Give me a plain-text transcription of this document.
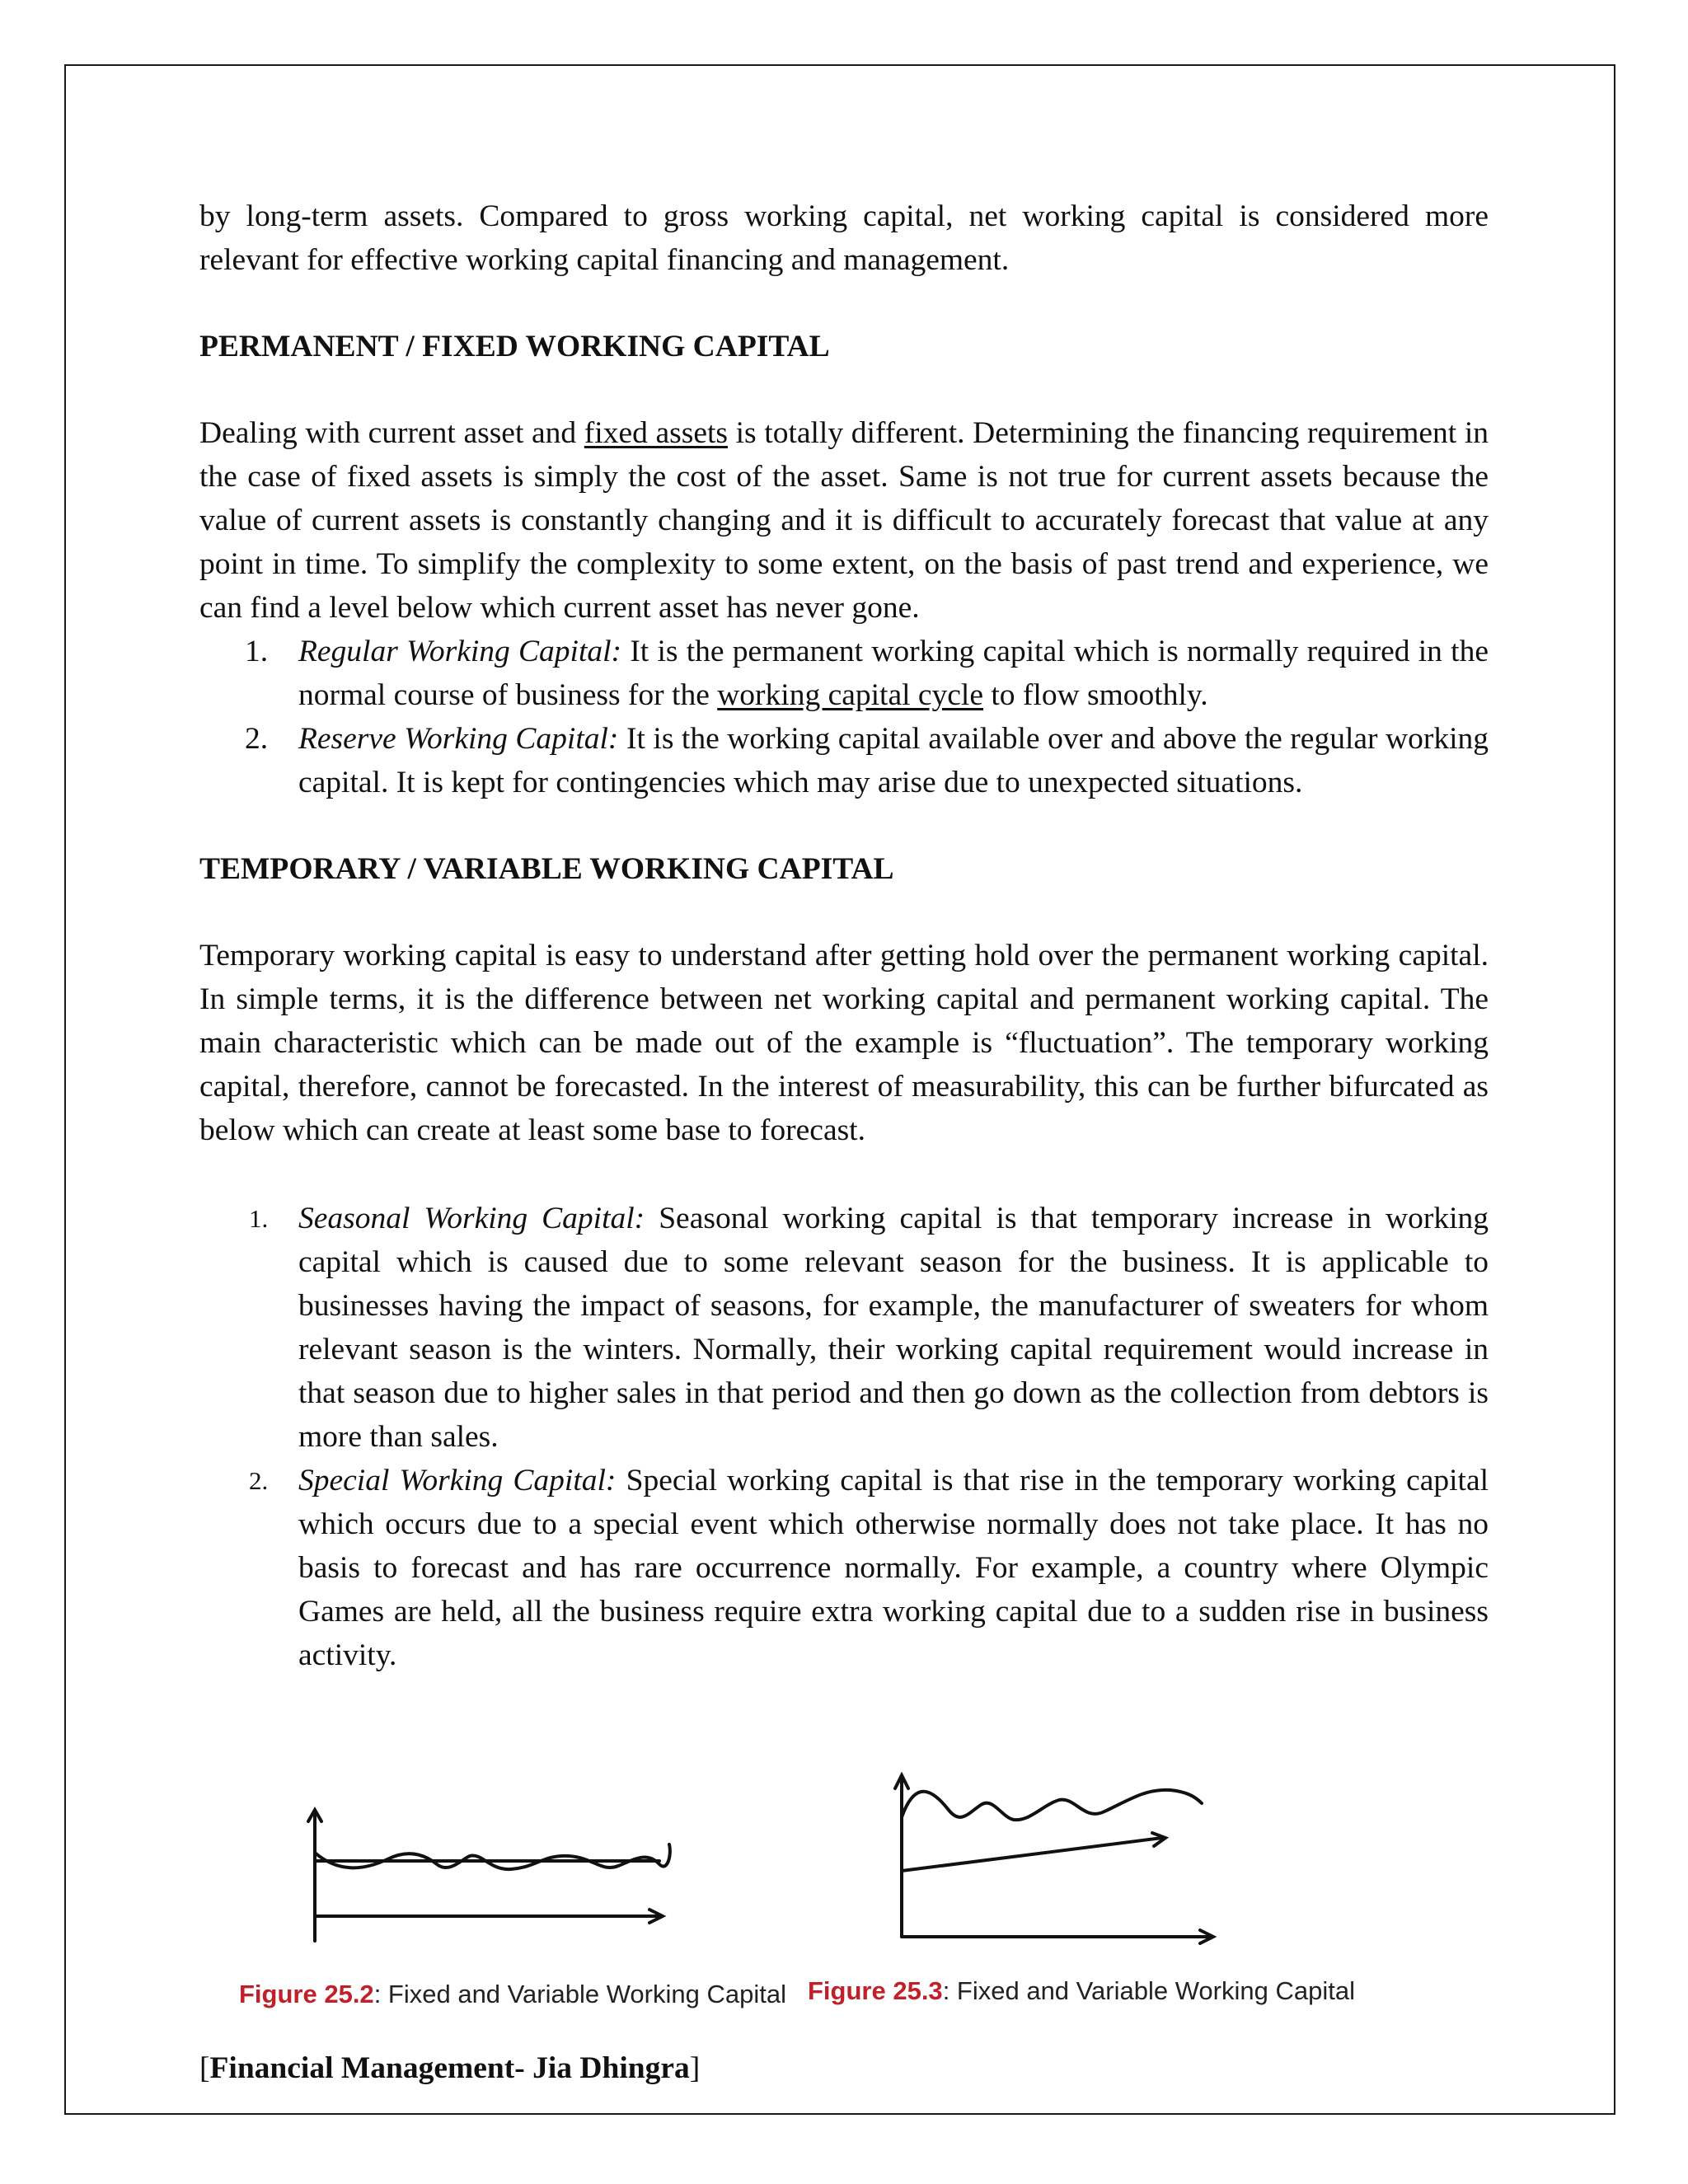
by long-term assets. Compared to gross working capital, net working capital is considered more relevant for effective working capital financing and management.

PERMANENT / FIXED WORKING CAPITAL

Dealing with current asset and fixed assets is totally different. Determining the financing requirement in the case of fixed assets is simply the cost of the asset. Same is not true for current assets because the value of current assets is constantly changing and it is difficult to accurately forecast that value at any point in time. To simplify the complexity to some extent, on the basis of past trend and experience, we can find a level below which current asset has never gone.

1. Regular Working Capital: It is the permanent working capital which is normally required in the normal course of business for the working capital cycle to flow smoothly.
2. Reserve Working Capital: It is the working capital available over and above the regular working capital. It is kept for contingencies which may arise due to unexpected situations.
TEMPORARY / VARIABLE WORKING CAPITAL

Temporary working capital is easy to understand after getting hold over the permanent working capital. In simple terms, it is the difference between net working capital and permanent working capital. The main characteristic which can be made out of the example is “fluctuation”. The temporary working capital, therefore, cannot be forecasted. In the interest of measurability, this can be further bifurcated as below which can create at least some base to forecast.

1. Seasonal Working Capital: Seasonal working capital is that temporary increase in working capital which is caused due to some relevant season for the business. It is applicable to businesses having the impact of seasons, for example, the manufacturer of sweaters for whom relevant season is the winters. Normally, their working capital requirement would increase in that season due to higher sales in that period and then go down as the collection from debtors is more than sales.
2. Special Working Capital: Special working capital is that rise in the temporary working capital which occurs due to a special event which otherwise normally does not take place. It has no basis to forecast and has rare occurrence normally. For example, a country where Olympic Games are held, all the business require extra working capital due to a sudden rise in business activity.
Figure 25.2: Fixed and Variable Working Capital Figure 25.3: Fixed and Variable Working Capital
[Financial Management- Jia Dhingra]
